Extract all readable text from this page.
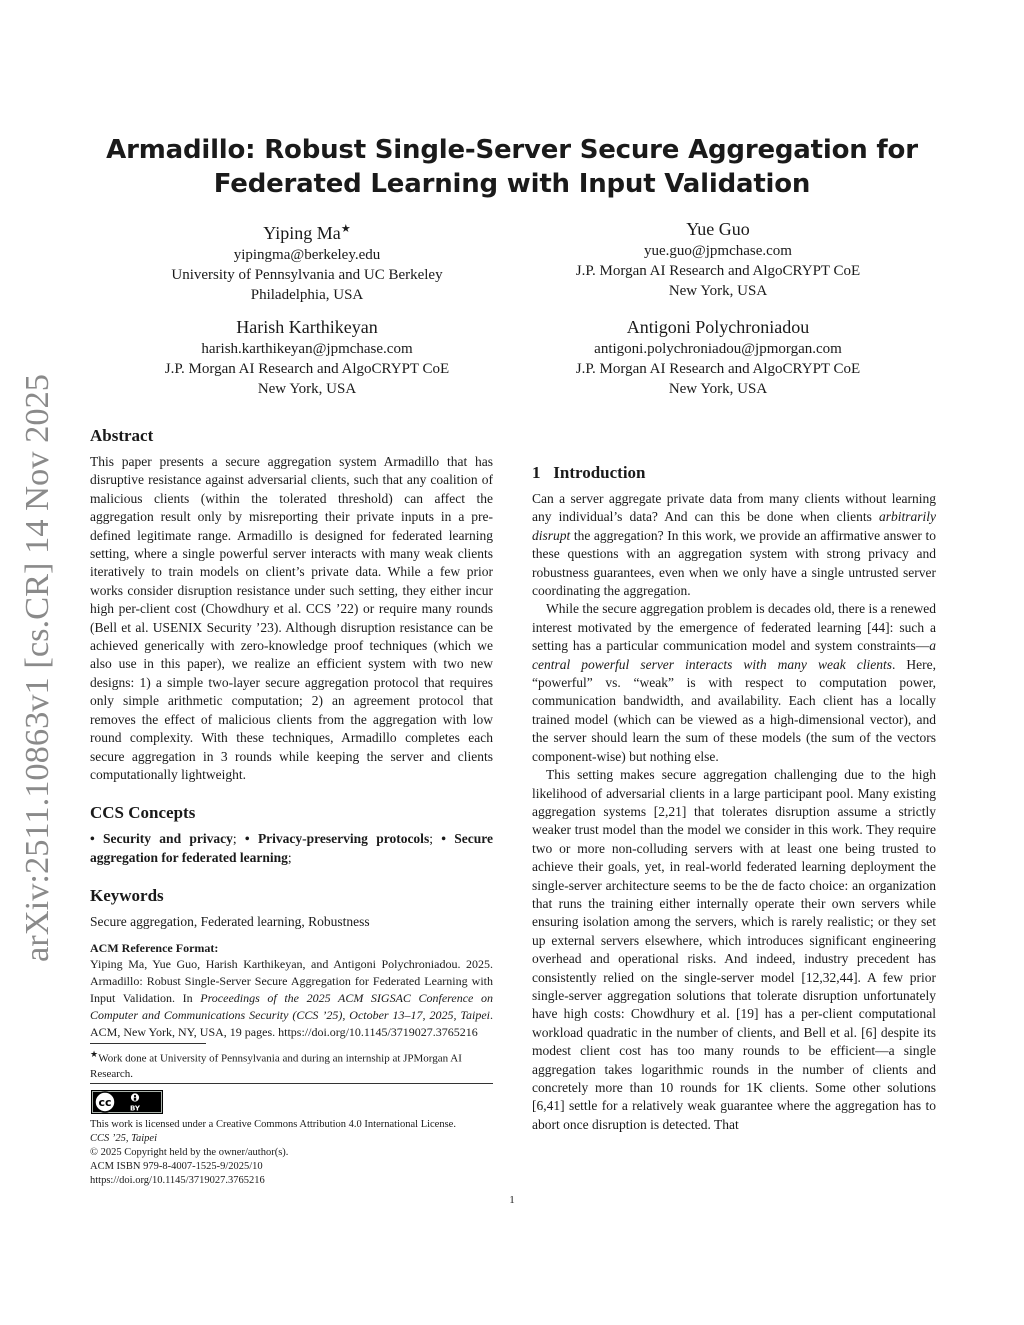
arXiv:2511.10863v1 [cs.CR] 14 Nov 2025
Armadillo: Robust Single-Server Secure Aggregation for
Federated Learning with Input Validation
Yiping Ma★
yipingma@berkeley.edu
University of Pennsylvania and UC Berkeley
Philadelphia, USA
Yue Guo
yue.guo@jpmchase.com
J.P. Morgan AI Research and AlgoCRYPT CoE
New York, USA
Harish Karthikeyan
harish.karthikeyan@jpmchase.com
J.P. Morgan AI Research and AlgoCRYPT CoE
New York, USA
Antigoni Polychroniadou
antigoni.polychroniadou@jpmorgan.com
J.P. Morgan AI Research and AlgoCRYPT CoE
New York, USA
Abstract

This paper presents a secure aggregation system Armadillo that has disruptive resistance against adversarial clients, such that any coalition of malicious clients (within the tolerated threshold) can affect the aggregation result only by misreporting their private inputs in a pre-defined legitimate range. Armadillo is designed for federated learning setting, where a single powerful server interacts with many weak clients iteratively to train models on client’s private data. While a few prior works consider disruption resistance under such setting, they either incur high per-client cost (Chowdhury et al. CCS ’22) or require many rounds (Bell et al. USENIX Security ’23). Although disruption resistance can be achieved generically with zero-knowledge proof techniques (which we also use in this paper), we realize an efficient system with two new designs: 1) a simple two-layer secure aggregation protocol that requires only simple arithmetic computation; 2) an agreement protocol that removes the effect of malicious clients from the aggregation with low round complexity. With these techniques, Armadillo completes each secure aggregation in 3 rounds while keeping the server and clients computationally lightweight.

CCS Concepts

• Security and privacy; • Privacy-preserving protocols; • Secure aggregation for federated learning;

Keywords

Secure aggregation, Federated learning, Robustness

ACM Reference Format:

Yiping Ma, Yue Guo, Harish Karthikeyan, and Antigoni Polychroniadou. 2025. Armadillo: Robust Single-Server Secure Aggregation for Federated Learning with Input Validation. In Proceedings of the 2025 ACM SIGSAC Conference on Computer and Communications Security (CCS ’25), October 13–17, 2025, Taipei. ACM, New York, NY, USA, 19 pages. https://doi.org/10.1145/3719027.3765216

★Work done at University of Pennsylvania and during an internship at JPMorgan AI Research.
cc	BY
This work is licensed under a Creative Commons Attribution 4.0 International License.
CCS ’25, Taipei
© 2025 Copyright held by the owner/author(s).
ACM ISBN 979-8-4007-1525-9/2025/10
https://doi.org/10.1145/3719027.3765216
1 Introduction

Can a server aggregate private data from many clients without learning any individual’s data? And can this be done when clients arbitrarily disrupt the aggregation? In this work, we provide an affirmative answer to these questions with an aggregation system with strong privacy and robustness guarantees, even when we only have a single untrusted server coordinating the aggregation.

While the secure aggregation problem is decades old, there is a renewed interest motivated by the emergence of federated learning [44]: such a setting has a particular communication model and system constraints—a central powerful server interacts with many weak clients. Here, “powerful” vs. “weak” is with respect to computation power, communication bandwidth, and availability. Each client has a locally trained model (which can be viewed as a high-dimensional vector), and the server should learn the sum of these models (the sum of the vectors component-wise) but nothing else.

This setting makes secure aggregation challenging due to the high likelihood of adversarial clients in a large participant pool. Many existing aggregation systems [2,21] that tolerates disruption assume a strictly weaker trust model than the model we consider in this work. They require two or more non-colluding servers with at least one being trusted to achieve their goals, yet, in real-world federated learning deployment the single-server architecture seems to be the de facto choice: an organization that runs the training either internally operate their own servers while ensuring isolation among the servers, which is rarely realistic; or they set up external servers elsewhere, which introduces significant engineering overhead and operational risks. And indeed, industry precedent has consistently relied on the single-server model [12,32,44]. A few prior single-server aggregation solutions that tolerate disruption unfortunately have high costs: Chowdhury et al. [19] has a per-client computational workload quadratic in the number of clients, and Bell et al. [6] despite its modest client cost has too many rounds to be efficient—a single aggregation takes logarithmic rounds in the number of clients and concretely more than 10 rounds for 1K clients. Some other solutions [6,41] settle for a relatively weak guarantee where the aggregation has to abort once disruption is detected. That

1
